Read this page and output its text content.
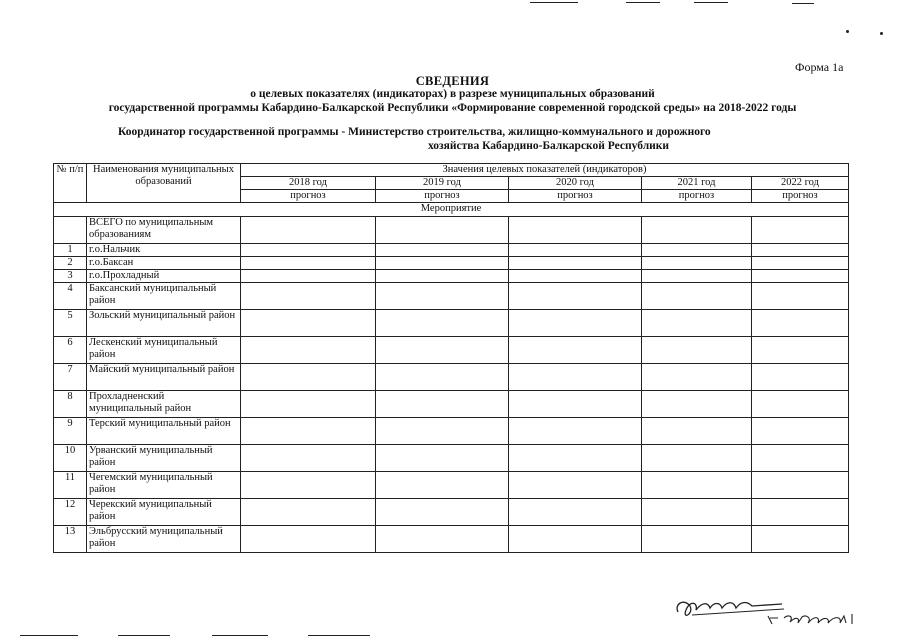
Форма 1а
СВЕДЕНИЯ
о целевых показателях (индикаторах) в разрезе муниципальных образований
государственной программы Кабардино-Балкарской Республики «Формирование современной городской среды» на 2018-2022 годы
Координатор государственной программы - Министерство строительства, жилищно-коммунального и дорожного
хозяйства Кабардино-Балкарской Республики
№ п/п	Наименования муниципальных образований	Значения целевых показателей (индикаторов)				
		2018 год	2019 год	2020 год	2021 год	2022 год
		прогноз	прогноз	прогноз	прогноз	прогноз
Мероприятие						
	ВСЕГО по муниципальным образованиям					
1	г.о.Нальчик					
2	г.о.Баксан					
3	г.о.Прохладный					
4	Баксанский муниципальный район					
5	Зольский муниципальный район					
6	Лескенский муниципальный район					
7	Майский муниципальный район					
8	Прохладненский муниципальный район					
9	Терский муниципальный район					
10	Урванский муниципальный район					
11	Чегемский муниципальный район					
12	Черекский муниципальный район					
13	Эльбрусский муниципальный район					
